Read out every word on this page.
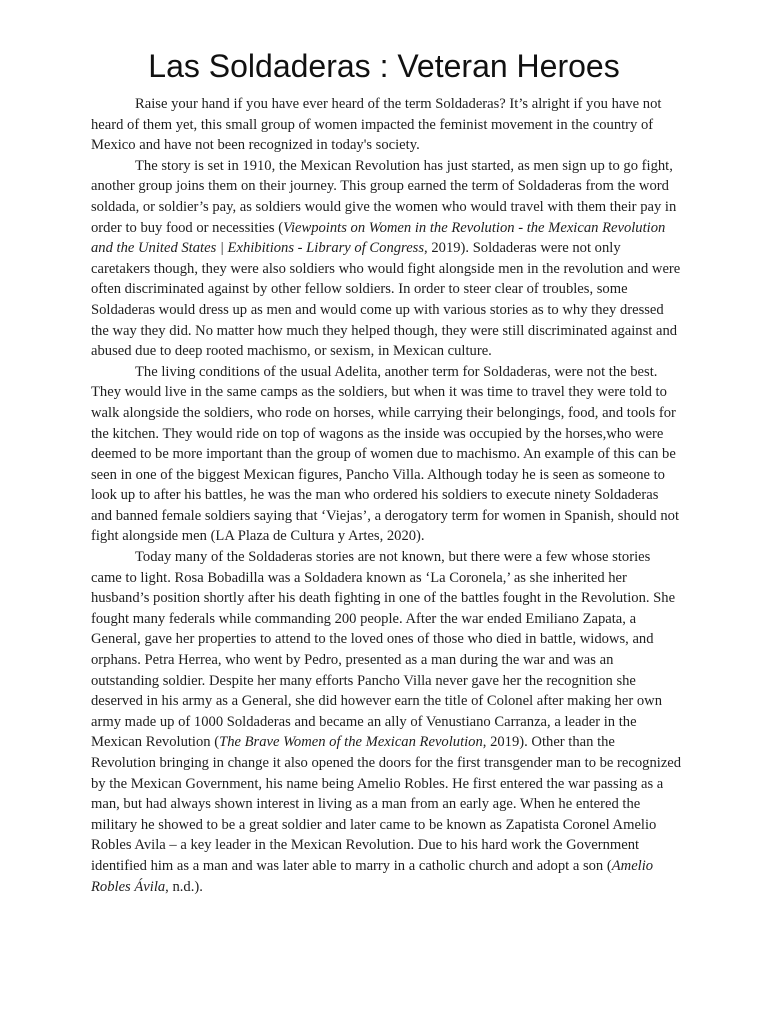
Las Soldaderas : Veteran Heroes

Raise your hand if you have ever heard of the term Soldaderas? It’s alright if you have not heard of them yet, this small group of women impacted the feminist movement in the country of Mexico and have not been recognized in today's society.

The story is set in 1910, the Mexican Revolution has just started, as men sign up to go fight, another group joins them on their journey. This group earned the term of Soldaderas from the word soldada, or soldier’s pay, as soldiers would give the women who would travel with them their pay in order to buy food or necessities (Viewpoints on Women in the Revolution - the Mexican Revolution and the United States | Exhibitions - Library of Congress, 2019). Soldaderas were not only caretakers though, they were also soldiers who would fight alongside men in the revolution and were often discriminated against by other fellow soldiers. In order to steer clear of troubles, some Soldaderas would dress up as men and would come up with various stories as to why they dressed the way they did. No matter how much they helped though, they were still discriminated against and abused due to deep rooted machismo, or sexism, in Mexican culture.

The living conditions of the usual Adelita, another term for Soldaderas, were not the best. They would live in the same camps as the soldiers, but when it was time to travel they were told to walk alongside the soldiers, who rode on horses, while carrying their belongings, food, and tools for the kitchen. They would ride on top of wagons as the inside was occupied by the horses,who were deemed to be more important than the group of women due to machismo. An example of this can be seen in one of the biggest Mexican figures, Pancho Villa. Although today he is seen as someone to look up to after his battles, he was the man who ordered his soldiers to execute ninety Soldaderas and banned female soldiers saying that ‘Viejas’, a derogatory term for women in Spanish, should not fight alongside men (LA Plaza de Cultura y Artes, 2020).

Today many of the Soldaderas stories are not known, but there were a few whose stories came to light. Rosa Bobadilla was a Soldadera known as ‘La Coronela,’ as she inherited her husband’s position shortly after his death fighting in one of the battles fought in the Revolution. She fought many federals while commanding 200 people. After the war ended Emiliano Zapata, a General, gave her properties to attend to the loved ones of those who died in battle, widows, and orphans. Petra Herrea, who went by Pedro, presented as a man during the war and was an outstanding soldier. Despite her many efforts Pancho Villa never gave her the recognition she deserved in his army as a General, she did however earn the title of Colonel after making her own army made up of 1000 Soldaderas and became an ally of Venustiano Carranza, a leader in the Mexican Revolution (The Brave Women of the Mexican Revolution, 2019). Other than the Revolution bringing in change it also opened the doors for the first transgender man to be recognized by the Mexican Government, his name being Amelio Robles. He first entered the war passing as a man, but had always shown interest in living as a man from an early age. When he entered the military he showed to be a great soldier and later came to be known as Zapatista Coronel Amelio Robles Avila – a key leader in the Mexican Revolution. Due to his hard work the Government identified him as a man and was later able to marry in a catholic church and adopt a son (Amelio Robles Ávila, n.d.).
